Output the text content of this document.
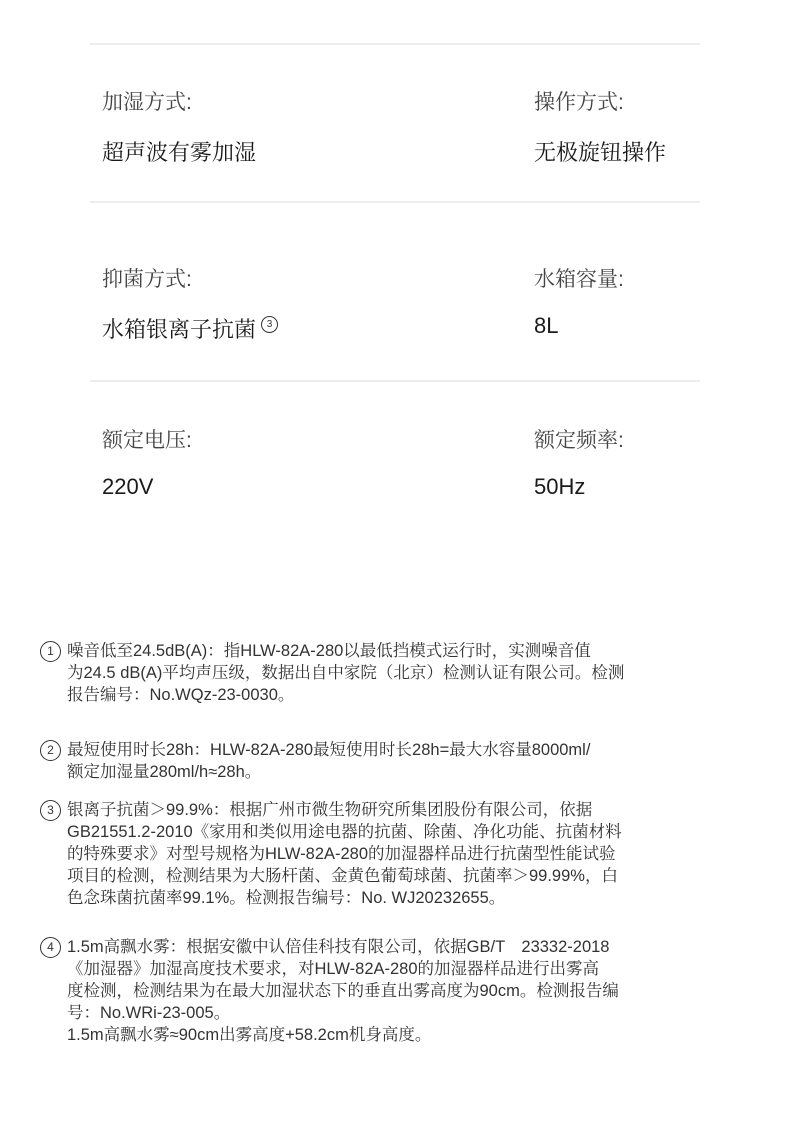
加湿方式:
超声波有雾加湿
操作方式:
无极旋钮操作
抑菌方式:
水箱银离子抗菌 $^3$
水箱容量:
8L
额定电压:
220V
额定频率:
50Hz
1 噪音低至24.5dB(A)：指HLW-82A-280以最低挡模式运行时，实测噪音值
为24.5 dB(A)平均声压级，数据出自中家院（北京）检测认证有限公司。检测
报告编号：No.WQz-23-0030。
2 最短使用时长28h：HLW-82A-280最短使用时长28h=最大水容量8000ml/
额定加湿量280ml/h≈28h。
3 银离子抗菌＞99.9%：根据广州市微生物研究所集团股份有限公司，依据
GB21551.2-2010《家用和类似用途电器的抗菌、除菌、净化功能、抗菌材料
的特殊要求》对型号规格为HLW-82A-280的加湿器样品进行抗菌型性能试验
项目的检测，检测结果为大肠杆菌、金黄色葡萄球菌、抗菌率＞99.99%，白
色念珠菌抗菌率99.1%。检测报告编号：No. WJ20232655。
4 1.5m高飘水雾：根据安徽中认倍佳科技有限公司，依据GB/T　23332-2018
《加湿器》加湿高度技术要求，对HLW-82A-280的加湿器样品进行出雾高
度检测，检测结果为在最大加湿状态下的垂直出雾高度为90cm。检测报告编
号：No.WRi-23-005。
1.5m高飘水雾≈90cm出雾高度+58.2cm机身高度。
